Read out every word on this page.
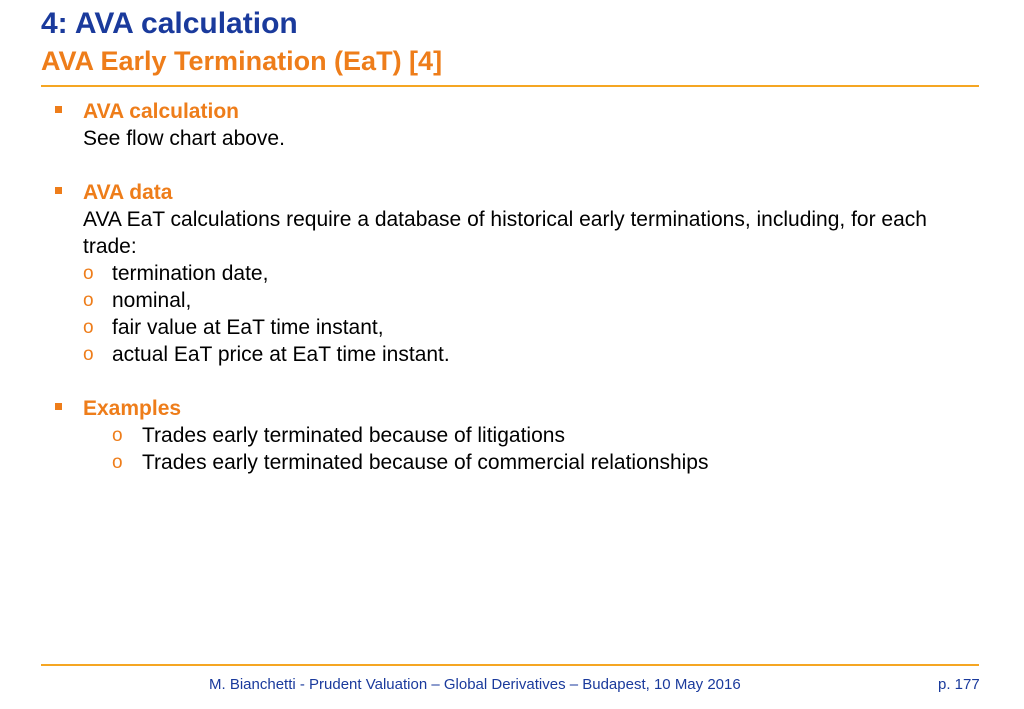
4: AVA calculation
AVA Early Termination (EaT) [4]
AVA calculation
See flow chart above.
AVA data
AVA EaT calculations require a database of historical early terminations, including, for each trade:
o termination date,
o nominal,
o fair value at EaT time instant,
o actual EaT price at EaT time instant.
Examples
o Trades early terminated because of litigations
o Trades early terminated because of commercial relationships
M. Bianchetti - Prudent Valuation – Global Derivatives – Budapest, 10 May 2016	p. 177
